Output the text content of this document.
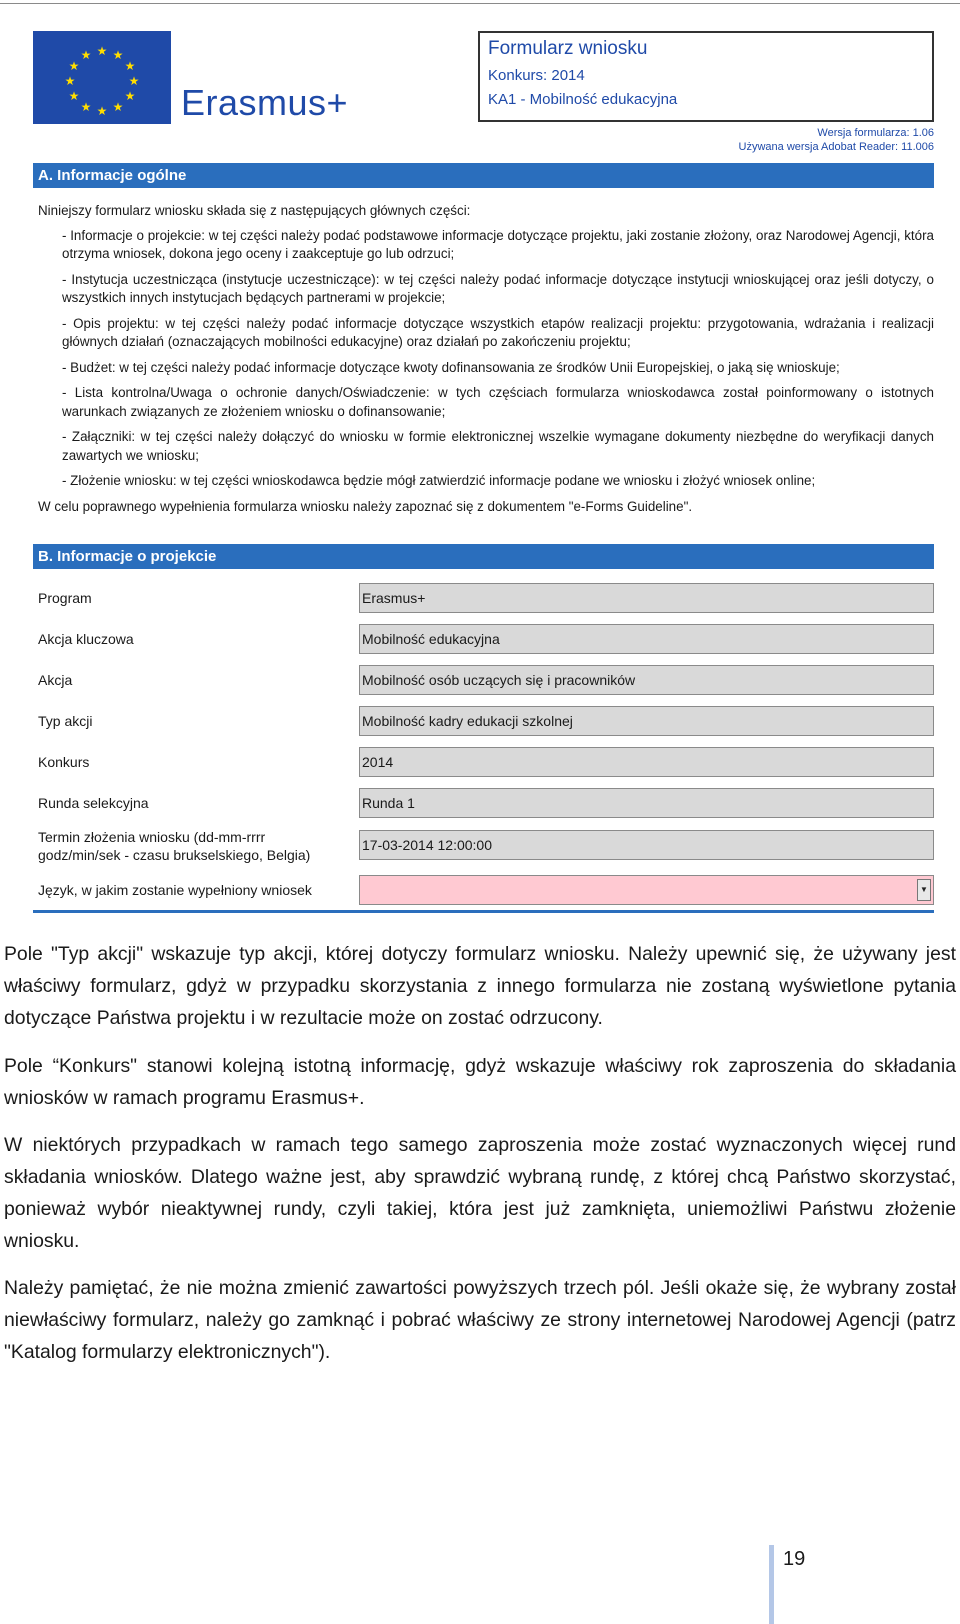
★ ★
★
★
★
★
★
★
★
★
★
★
Erasmus+
Formularz wniosku
Konkurs: 2014
KA1 - Mobilność edukacyjna
Wersja formularza: 1.06
Używana wersja Adobat Reader: 11.006
A. Informacje ogólne

Niniejszy formularz wniosku składa się z następujących głównych części:

- Informacje o projekcie: w tej części należy podać podstawowe informacje dotyczące projektu, jaki zostanie złożony, oraz Narodowej Agencji, która otrzyma wniosek, dokona jego oceny i zaakceptuje go lub odrzuci;

- Instytucja uczestnicząca (instytucje uczestniczące): w tej części należy podać informacje dotyczące instytucji wnioskującej oraz jeśli dotyczy, o wszystkich innych instytucjach będących partnerami w projekcie;

- Opis projektu: w tej części należy podać informacje dotyczące wszystkich etapów realizacji projektu: przygotowania, wdrażania i realizacji głównych działań (oznaczających mobilności edukacyjne) oraz działań po zakończeniu projektu;

- Budżet: w tej części należy podać informacje dotyczące kwoty dofinansowania ze środków Unii Europejskiej, o jaką się wnioskuje;

- Lista kontrolna/Uwaga o ochronie danych/Oświadczenie: w tych częściach formularza wnioskodawca został poinformowany o istotnych warunkach związanych ze złożeniem wniosku o dofinansowanie;

- Załączniki: w tej części należy dołączyć do wniosku w formie elektronicznej wszelkie wymagane dokumenty niezbędne do weryfikacji danych zawartych we wniosku;

- Złożenie wniosku: w tej części wnioskodawca będzie mógł zatwierdzić informacje podane we wniosku i złożyć wniosek online;

W celu poprawnego wypełnienia formularza wniosku należy zapoznać się z dokumentem "e-Forms Guideline".

B. Informacje o projekcie
Program	Erasmus+
Akcja kluczowa	Mobilność edukacyjna
Akcja	Mobilność osób uczących się i pracowników
Typ akcji	Mobilność kadry edukacji szkolnej
Konkurs	2014
Runda selekcyjna	Runda 1
Termin złożenia wniosku (dd-mm-rrrr godz/min/sek - czasu brukselskiego, Belgia)
17-03-2014 12:00:00
Język, w jakim zostanie wypełniony wniosek	▼

Pole "Typ akcji" wskazuje typ akcji, której dotyczy formularz wniosku. Należy upewnić się, że używany jest właściwy formularz, gdyż w przypadku skorzystania z innego formularza nie zostaną wyświetlone pytania dotyczące Państwa projektu i w rezultacie może on zostać odrzucony.

Pole “Konkurs" stanowi kolejną istotną informację, gdyż wskazuje właściwy rok zaproszenia do składania wniosków w ramach programu Erasmus+.

W niektórych przypadkach w ramach tego samego zaproszenia może zostać wyznaczonych więcej rund składania wniosków. Dlatego ważne jest, aby sprawdzić wybraną rundę, z której chcą Państwo skorzystać, ponieważ wybór nieaktywnej rundy, czyli takiej, która jest już zamknięta, uniemożliwi Państwu złożenie wniosku.

Należy pamiętać, że nie można zmienić zawartości powyższych trzech pól. Jeśli okaże się, że wybrany został niewłaściwy formularz, należy go zamknąć i pobrać właściwy ze strony internetowej Narodowej Agencji (patrz "Katalog formularzy elektronicznych").

19
